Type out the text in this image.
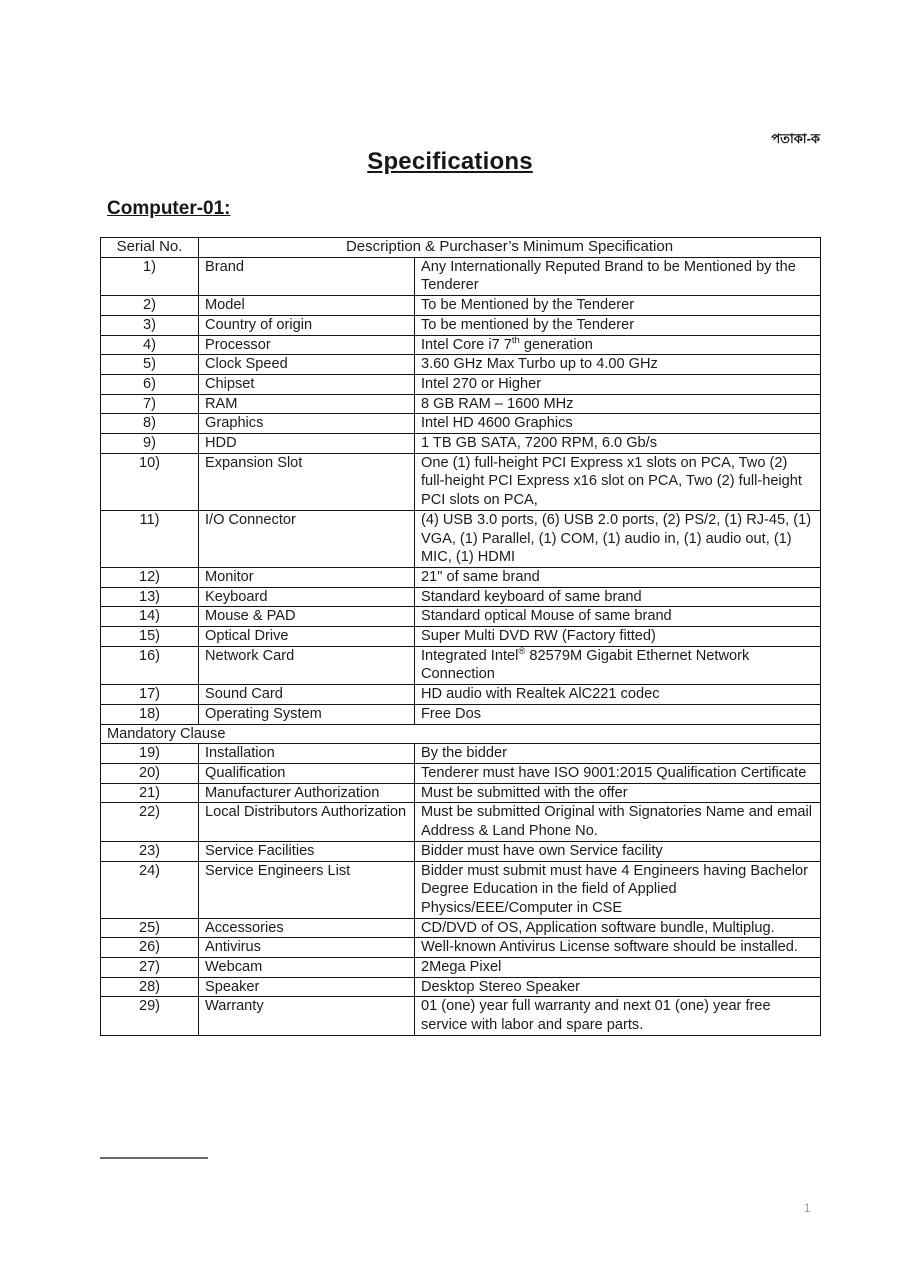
পতাকা-ক
Specifications
Computer-01:
Serial No.	Description & Purchaser’s Minimum Specification	
1)	Brand	Any Internationally Reputed Brand to be Mentioned by the Tenderer
2)	Model	To be Mentioned by the Tenderer
3)	Country of origin	To be mentioned by the Tenderer
4)	Processor	Intel Core i7 7th generation
5)	Clock Speed	3.60 GHz Max Turbo up to 4.00 GHz
6)	Chipset	Intel 270 or Higher
7)	RAM	8 GB RAM – 1600 MHz
8)	Graphics	Intel HD 4600 Graphics
9)	HDD	1 TB GB SATA, 7200 RPM, 6.0 Gb/s
10)	Expansion Slot	One (1) full-height PCI Express x1 slots on PCA, Two (2) full-height PCI Express x16 slot on PCA, Two (2) full-height PCI slots on PCA,
11)	I/O Connector	(4) USB 3.0 ports, (6) USB 2.0 ports, (2) PS/2, (1) RJ-45, (1) VGA, (1) Parallel, (1) COM, (1) audio in, (1) audio out, (1) MIC, (1) HDMI
12)	Monitor	21" of same brand
13)	Keyboard	Standard keyboard of same brand
14)	Mouse & PAD	Standard optical Mouse of same brand
15)	Optical Drive	Super Multi DVD RW (Factory fitted)
16)	Network Card	Integrated Intel® 82579M Gigabit Ethernet Network Connection
17)	Sound Card	HD audio with Realtek AlC221 codec
18)	Operating System	Free Dos
Mandatory Clause		
19)	Installation	By the bidder
20)	Qualification	Tenderer must have ISO 9001:2015 Qualification Certificate
21)	Manufacturer Authorization	Must be submitted with the offer
22)	Local Distributors Authorization	Must be submitted Original with Signatories Name and email Address & Land Phone No.
23)	Service Facilities	Bidder must have own Service facility
24)	Service Engineers List	Bidder must submit must have 4 Engineers having Bachelor Degree Education in the field of Applied Physics/EEE/Computer in CSE
25)	Accessories	CD/DVD of OS, Application software bundle, Multiplug.
26)	Antivirus	Well-known Antivirus License software should be installed.
27)	Webcam	2Mega Pixel
28)	Speaker	Desktop Stereo Speaker
29)	Warranty	01 (one) year full warranty and next 01 (one) year free service with labor and spare parts.
1
